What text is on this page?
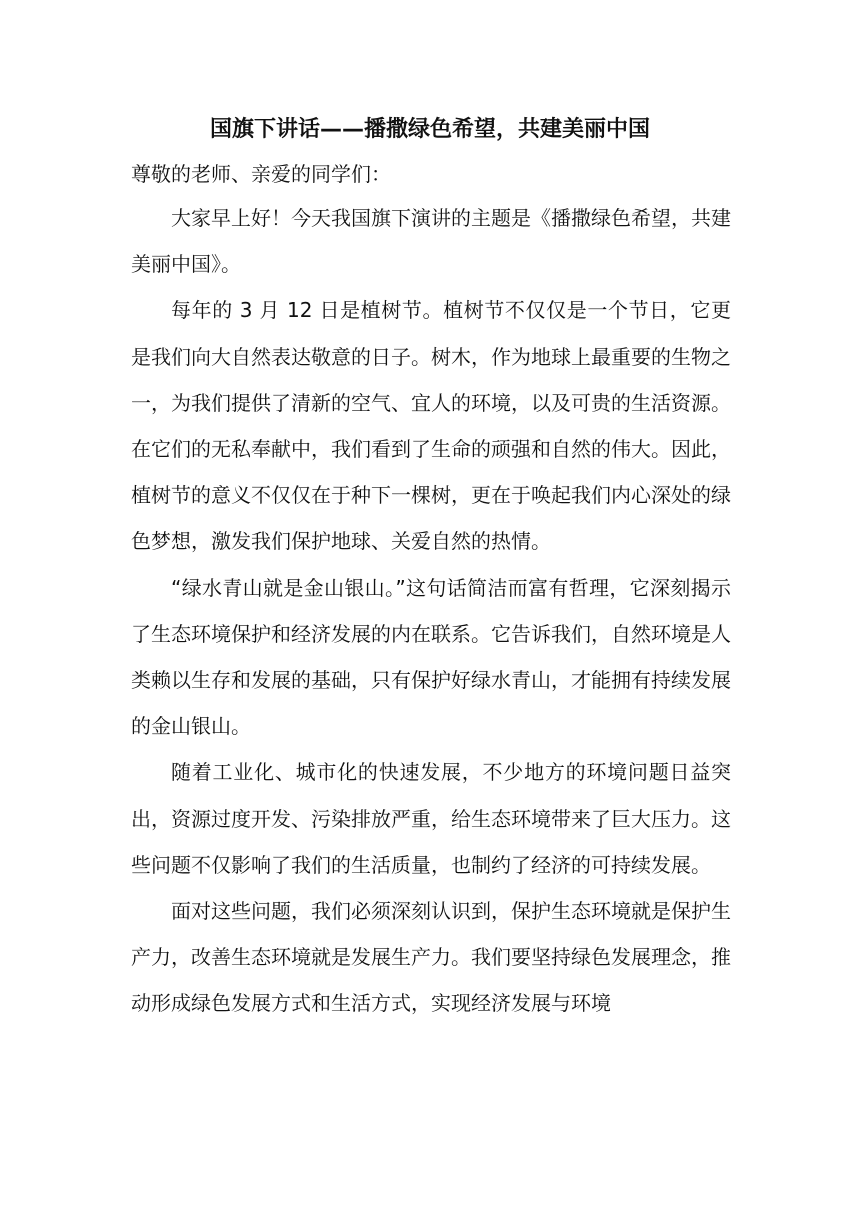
国旗下讲话——播撒绿色希望，共建美丽中国
尊敬的老师、亲爱的同学们：

大家早上好！今天我国旗下演讲的主题是《播撒绿色希望，共建美丽中国》。

每年的 3 月 12 日是植树节。植树节不仅仅是一个节日，它更是我们向大自然表达敬意的日子。树木，作为地球上最重要的生物之一，为我们提供了清新的空气、宜人的环境，以及可贵的生活资源。在它们的无私奉献中，我们看到了生命的顽强和自然的伟大。因此，植树节的意义不仅仅在于种下一棵树，更在于唤起我们内心深处的绿色梦想，激发我们保护地球、关爱自然的热情。

“绿水青山就是金山银山。”这句话简洁而富有哲理，它深刻揭示了生态环境保护和经济发展的内在联系。它告诉我们，自然环境是人类赖以生存和发展的基础，只有保护好绿水青山，才能拥有持续发展的金山银山。

随着工业化、城市化的快速发展，不少地方的环境问题日益突出，资源过度开发、污染排放严重，给生态环境带来了巨大压力。这些问题不仅影响了我们的生活质量，也制约了经济的可持续发展。

面对这些问题，我们必须深刻认识到，保护生态环境就是保护生产力，改善生态环境就是发展生产力。我们要坚持绿色发展理念，推动形成绿色发展方式和生活方式，实现经济发展与环境
